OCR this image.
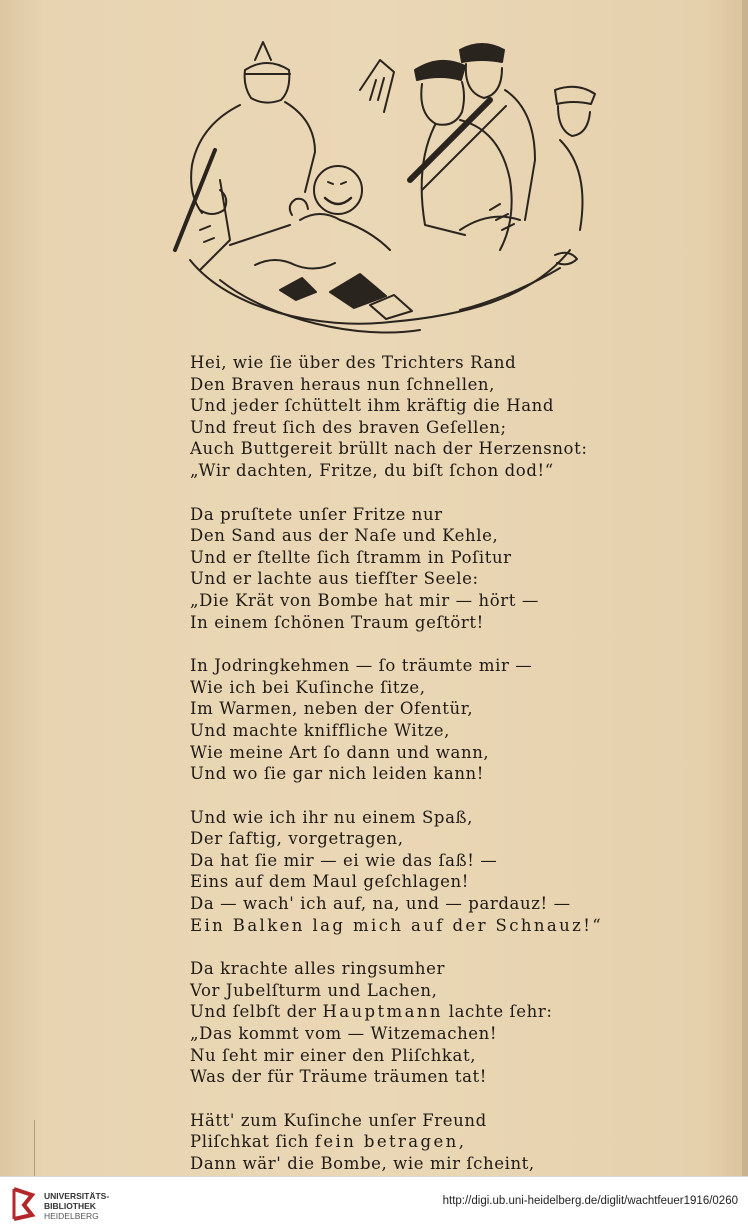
Hei, wie ſie über des Trichters Rand
Den Braven heraus nun ſchnellen,
Und jeder ſchüttelt ihm kräftig die Hand
Und freut ſich des braven Geſellen;
Auch Buttgereit brüllt nach der Herzensnot:
„Wir dachten, Fritze, du biſt ſchon dod!“
Da pruſtete unſer Fritze nur
Den Sand aus der Naſe und Kehle,
Und er ſtellte ſich ſtramm in Poſitur
Und er lachte aus tiefſter Seele:
„Die Krät von Bombe hat mir — hört —
In einem ſchönen Traum geſtört!
In Jodringkehmen — ſo träumte mir —
Wie ich bei Kuſinche ſitze,
Im Warmen, neben der Ofentür,
Und machte kniffliche Witze,
Wie meine Art ſo dann und wann,
Und wo ſie gar nich leiden kann!
Und wie ich ihr nu einem Spaß,
Der ſaftig, vorgetragen,
Da hat ſie mir — ei wie das ſaß! —
Eins auf dem Maul geſchlagen!
Da — wach' ich auf, na, und — pardauz! —
Ein Balken lag mich auf der Schnauz!“
Da krachte alles ringsumher
Vor Jubelſturm und Lachen,
Und ſelbſt der Hauptmann lachte ſehr:
„Das kommt vom — Witzemachen!
Nu ſeht mir einer den Pliſchkat,
Was der für Träume träumen tat!
Hätt' zum Kuſinche unſer Freund
Pliſchkat ſich fein betragen,
Dann wär' die Bombe, wie mir ſcheint,
UNIVERSITÄTS-
BIBLIOTHEK
HEIDELBERG
http://digi.ub.uni-heidelberg.de/diglit/wachtfeuer1916/0260
